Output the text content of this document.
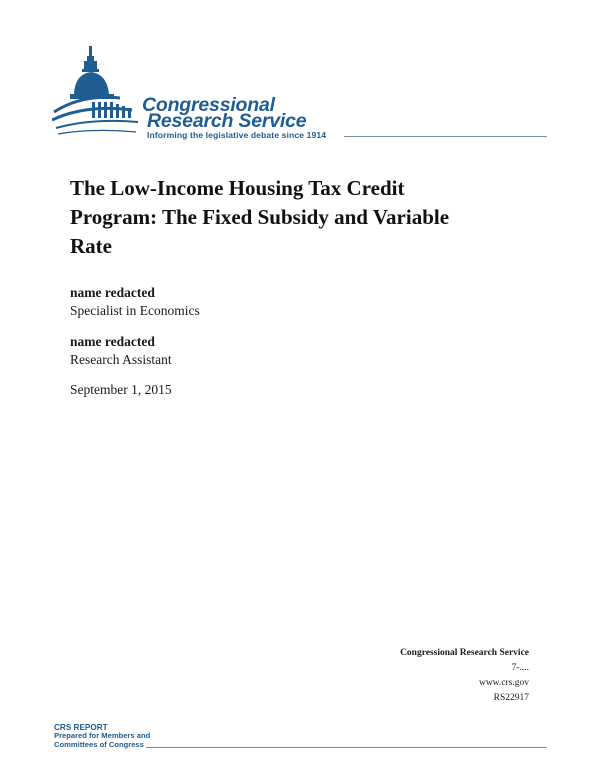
Congressional
Research Service
Informing the legislative debate since 1914
The Low-Income Housing Tax Credit Program: The Fixed Subsidy and Variable Rate
name redacted
Specialist in Economics
name redacted
Research Assistant
September 1, 2015
Congressional Research Service
7-....
www.crs.gov
RS22917
CRS REPORT
Prepared for Members and
Committees of Congress
